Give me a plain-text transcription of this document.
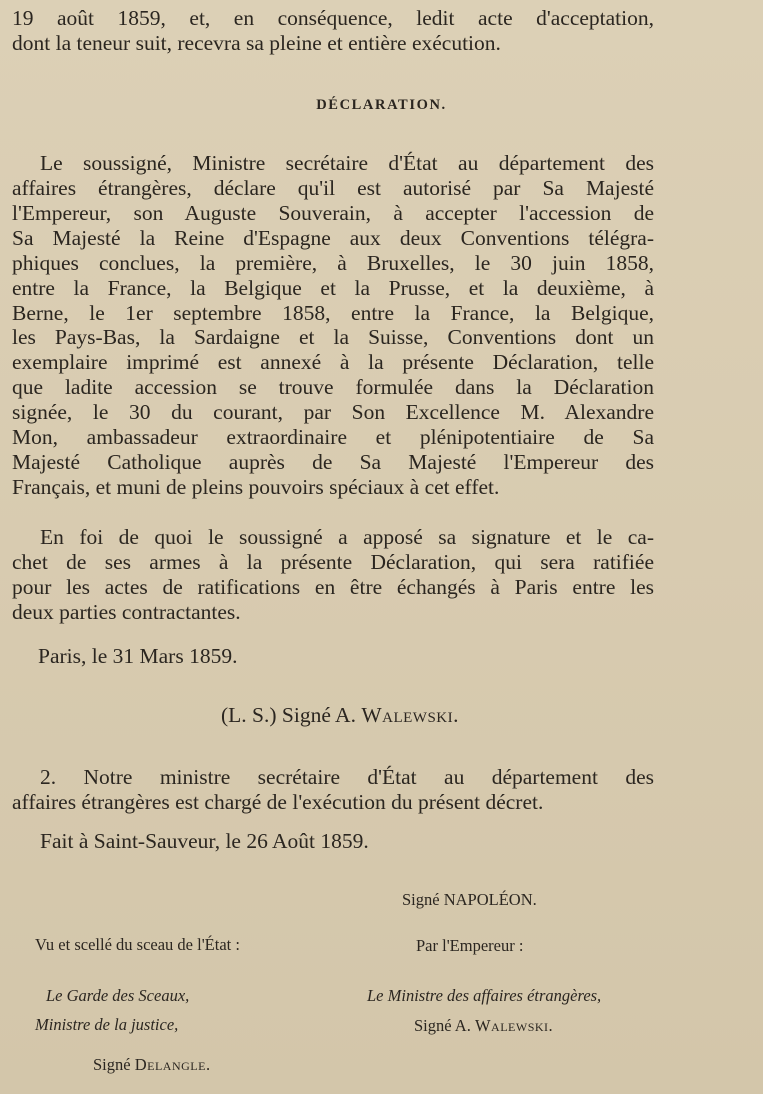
19 août 1859, et, en conséquence, ledit acte d'acceptation,
dont la teneur suit, recevra sa pleine et entière exécution.
DÉCLARATION.
Le soussigné, Ministre secrétaire d'État au département des
affaires étrangères, déclare qu'il est autorisé par Sa Majesté
l'Empereur, son Auguste Souverain, à accepter l'accession de
Sa Majesté la Reine d'Espagne aux deux Conventions télégra-
phiques conclues, la première, à Bruxelles, le 30 juin 1858,
entre la France, la Belgique et la Prusse, et la deuxième, à
Berne, le 1er septembre 1858, entre la France, la Belgique,
les Pays-Bas, la Sardaigne et la Suisse, Conventions dont un
exemplaire imprimé est annexé à la présente Déclaration, telle
que ladite accession se trouve formulée dans la Déclaration
signée, le 30 du courant, par Son Excellence M. Alexandre
Mon, ambassadeur extraordinaire et plénipotentiaire de Sa
Majesté Catholique auprès de Sa Majesté l'Empereur des
Français, et muni de pleins pouvoirs spéciaux à cet effet.
En foi de quoi le soussigné a apposé sa signature et le ca-
chet de ses armes à la présente Déclaration, qui sera ratifiée
pour les actes de ratifications en être échangés à Paris entre les
deux parties contractantes.
Paris, le 31 Mars 1859.
(L. S.) Signé A. Walewski.
2. Notre ministre secrétaire d'État au département des
affaires étrangères est chargé de l'exécution du présent décret.
Fait à Saint-Sauveur, le 26 Août 1859.
Signé NAPOLÉON.
Vu et scellé du sceau de l'État :	Par l'Empereur :
Le Garde des Sceaux,	Le Ministre des affaires étrangères,
Ministre de la justice,	Signé A. Walewski.
Signé Delangle.
